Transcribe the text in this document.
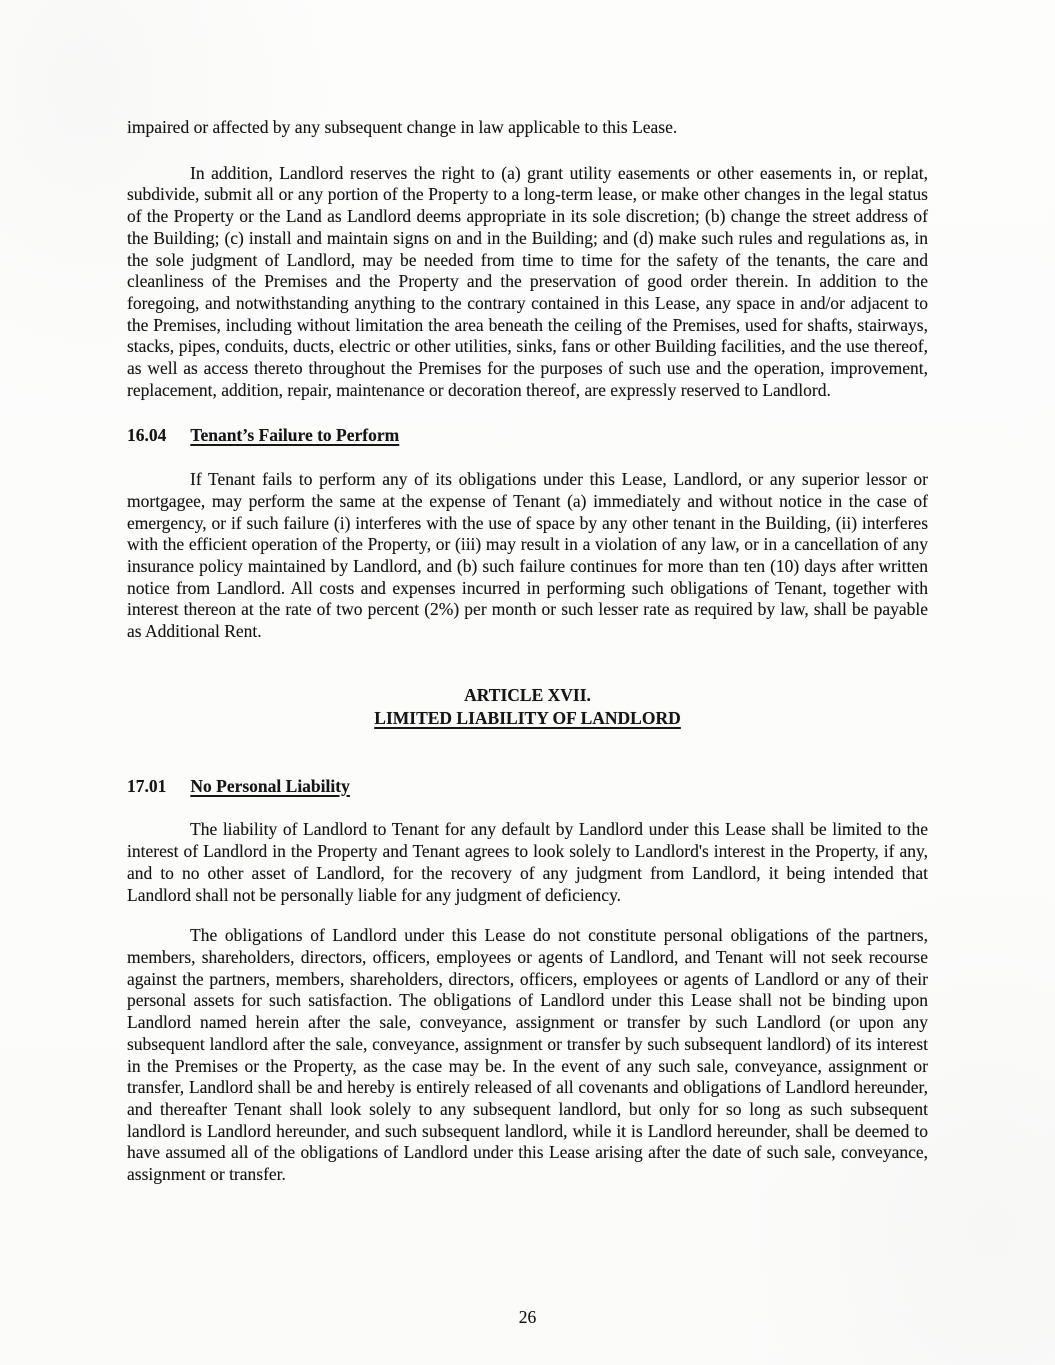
impaired or affected by any subsequent change in law applicable to this Lease.

In addition, Landlord reserves the right to (a) grant utility easements or other easements in, or replat, subdivide, submit all or any portion of the Property to a long-term lease, or make other changes in the legal status of the Property or the Land as Landlord deems appropriate in its sole discretion; (b) change the street address of the Building; (c) install and maintain signs on and in the Building; and (d) make such rules and regulations as, in the sole judgment of Landlord, may be needed from time to time for the safety of the tenants, the care and cleanliness of the Premises and the Property and the preservation of good order therein. In addition to the foregoing, and notwithstanding anything to the contrary contained in this Lease, any space in and/or adjacent to the Premises, including without limitation the area beneath the ceiling of the Premises, used for shafts, stairways, stacks, pipes, conduits, ducts, electric or other utilities, sinks, fans or other Building facilities, and the use thereof, as well as access thereto throughout the Premises for the purposes of such use and the operation, improvement, replacement, addition, repair, maintenance or decoration thereof, are expressly reserved to Landlord.

16.04 Tenant’s Failure to Perform

If Tenant fails to perform any of its obligations under this Lease, Landlord, or any superior lessor or mortgagee, may perform the same at the expense of Tenant (a) immediately and without notice in the case of emergency, or if such failure (i) interferes with the use of space by any other tenant in the Building, (ii) interferes with the efficient operation of the Property, or (iii) may result in a violation of any law, or in a cancellation of any insurance policy maintained by Landlord, and (b) such failure continues for more than ten (10) days after written notice from Landlord. All costs and expenses incurred in performing such obligations of Tenant, together with interest thereon at the rate of two percent (2%) per month or such lesser rate as required by law, shall be payable as Additional Rent.

ARTICLE XVII.
LIMITED LIABILITY OF LANDLORD
17.01 No Personal Liability

The liability of Landlord to Tenant for any default by Landlord under this Lease shall be limited to the interest of Landlord in the Property and Tenant agrees to look solely to Landlord's interest in the Property, if any, and to no other asset of Landlord, for the recovery of any judgment from Landlord, it being intended that Landlord shall not be personally liable for any judgment of deficiency.

The obligations of Landlord under this Lease do not constitute personal obligations of the partners, members, shareholders, directors, officers, employees or agents of Landlord, and Tenant will not seek recourse against the partners, members, shareholders, directors, officers, employees or agents of Landlord or any of their personal assets for such satisfaction. The obligations of Landlord under this Lease shall not be binding upon Landlord named herein after the sale, conveyance, assignment or transfer by such Landlord (or upon any subsequent landlord after the sale, conveyance, assignment or transfer by such subsequent landlord) of its interest in the Premises or the Property, as the case may be. In the event of any such sale, conveyance, assignment or transfer, Landlord shall be and hereby is entirely released of all covenants and obligations of Landlord hereunder, and thereafter Tenant shall look solely to any subsequent landlord, but only for so long as such subsequent landlord is Landlord hereunder, and such subsequent landlord, while it is Landlord hereunder, shall be deemed to have assumed all of the obligations of Landlord under this Lease arising after the date of such sale, conveyance, assignment or transfer.

26
